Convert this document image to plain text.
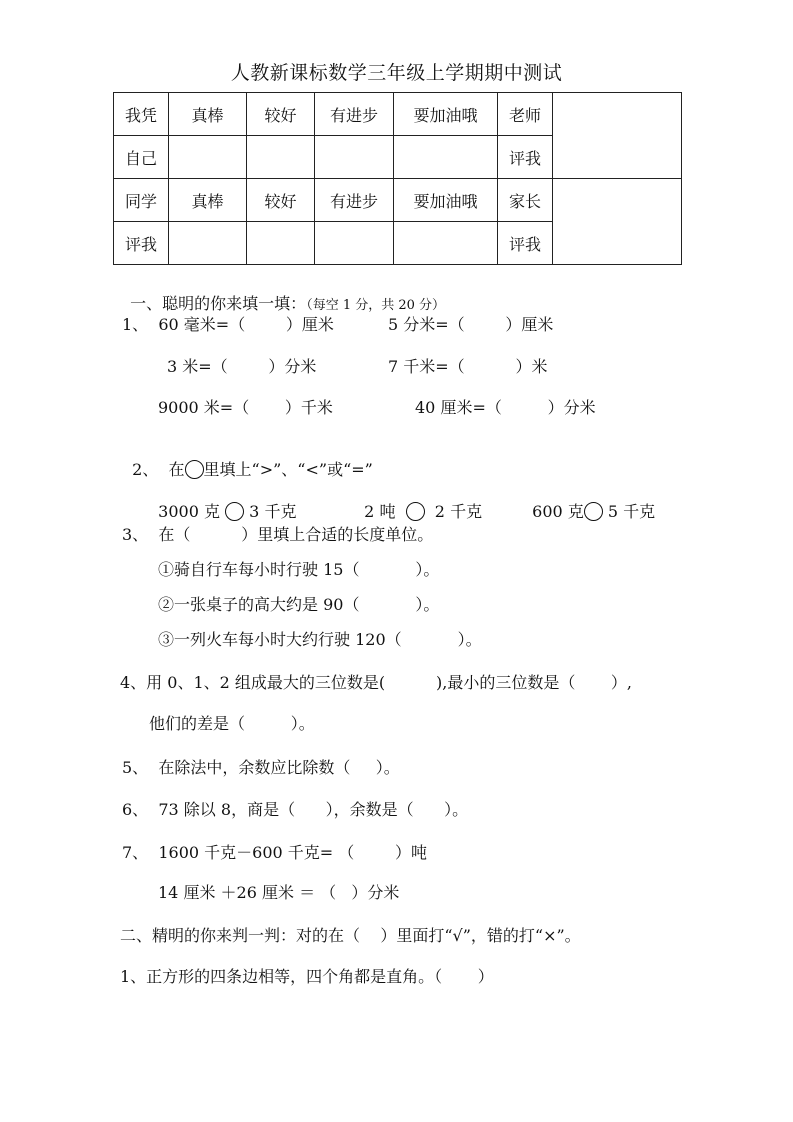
人教新课标数学三年级上学期期中测试
我凭	真棒	较好	有进步	要加油哦	老师	
自己					评我	
同学	真棒	较好	有进步	要加油哦	家长	
评我					评我	

一、聪明的你来填一填：（每空 1 分，共 20 分）

1、  60 毫米=（        ）厘米	5 分米=（        ）厘米
3 米=（        ）分米	7 千米=（          ）米
9000 米=（       ）千米	40 厘米=（         ）分米

2、  在 里填上“>”、“<”或“=”

3000 克 3 千克	2 吨 2 千克	600 克 5 千克

3、  在（          ）里填上合适的长度单位。
①骑自行车每小时行驶 15（           ）。
②一张桌子的高大约是 90（           ）。
③一列火车每小时大约行驶 120（           ）。
4、用 0、1、2 组成最大的三位数是(          ),最小的三位数是（       ）,
他们的差是（         ）。
5、  在除法中，余数应比除数（     ）。
6、  73 除以 8，商是（      ），余数是（      ）。
7、  1600 千克－600 千克= （        ）吨
14 厘米 ＋26 厘米 ＝ （   ）分米
二、精明的你来判一判：对的在（    ）里面打“√”，错的打“×”。
1、正方形的四条边相等，四个角都是直角。（       ）
